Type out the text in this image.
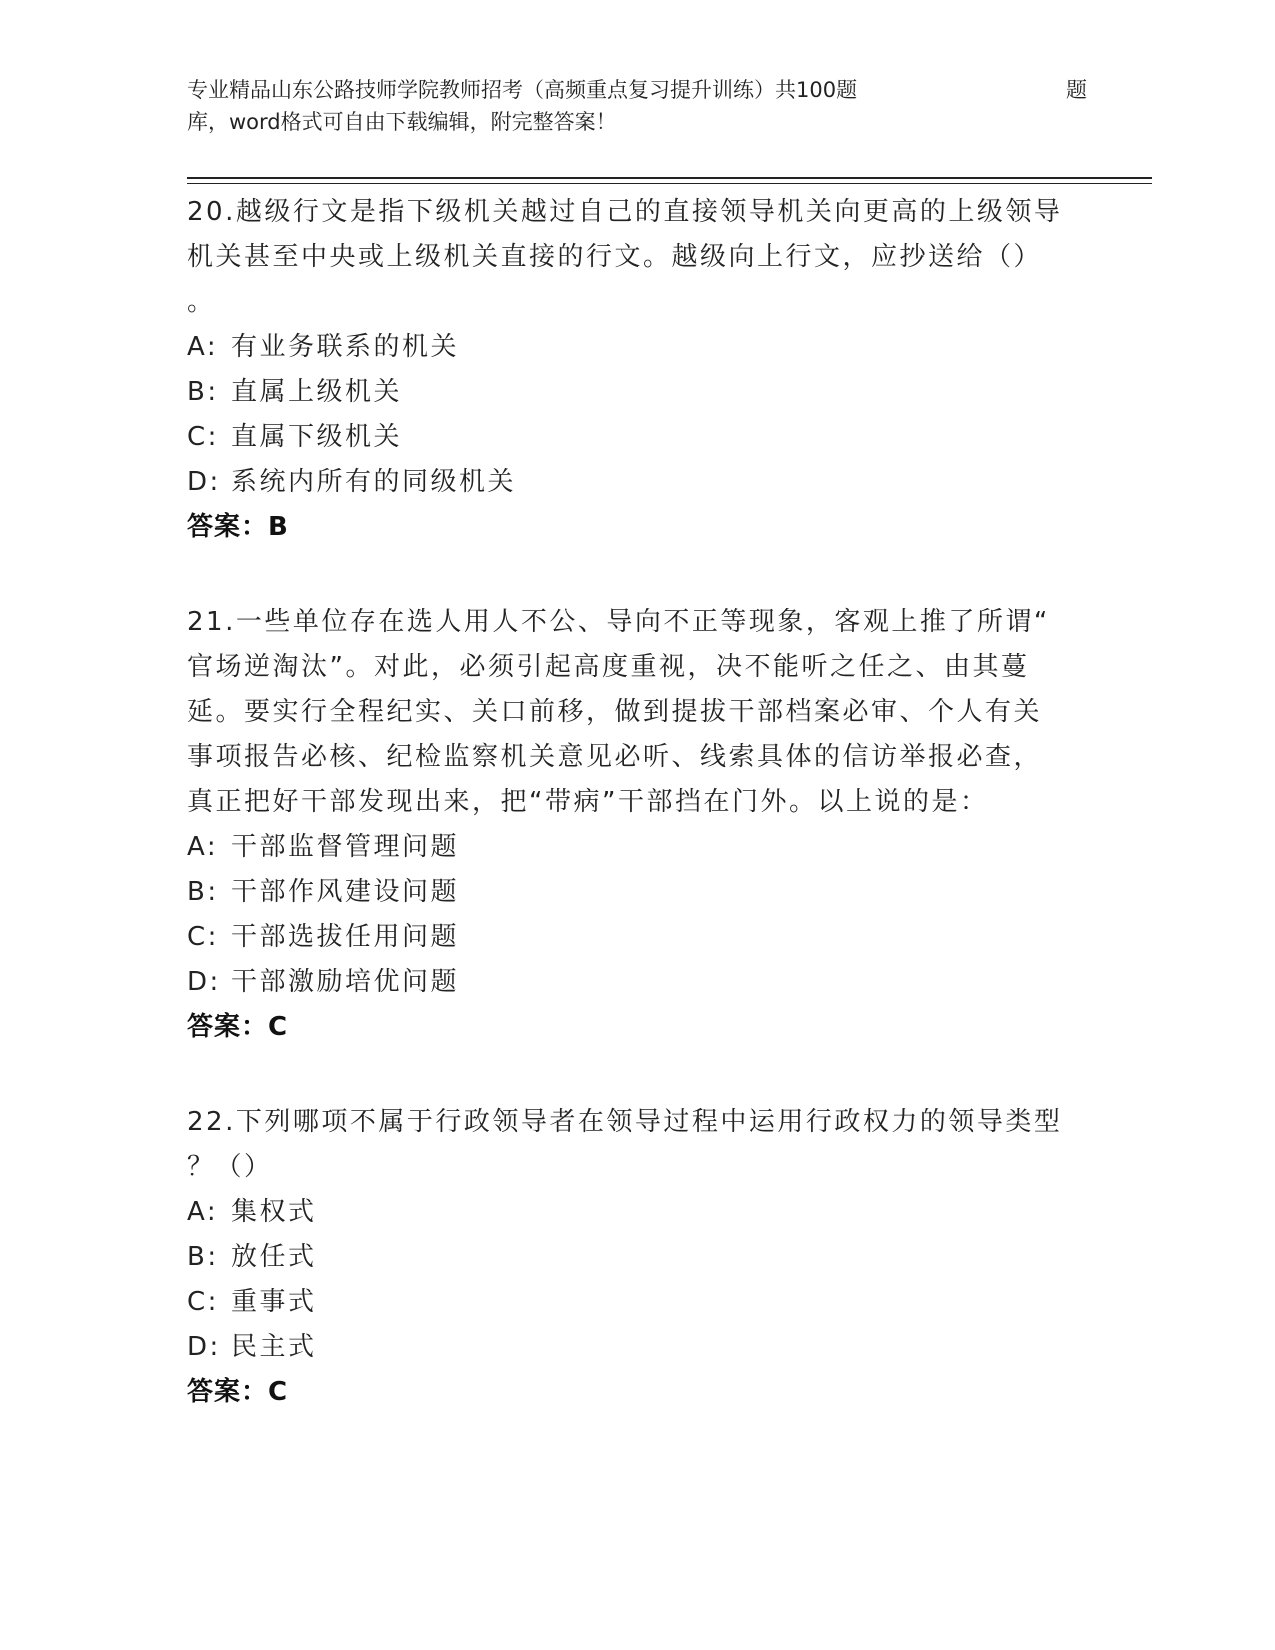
专业精品山东公路技师学院教师招考（高频重点复习提升训练）共100题	题
库，word格式可自由下载编辑，附完整答案！

20.越级行文是指下级机关越过自己的直接领导机关向更高的上级领导

机关甚至中央或上级机关直接的行文。越级向上行文，应抄送给（）

。

A: 有业务联系的机关

B: 直属上级机关

C: 直属下级机关

D: 系统内所有的同级机关

答案：B

21.一些单位存在选人用人不公、导向不正等现象，客观上推了所谓“

官场逆淘汰”。对此，必须引起高度重视，决不能听之任之、由其蔓

延。要实行全程纪实、关口前移，做到提拔干部档案必审、个人有关

事项报告必核、纪检监察机关意见必听、线索具体的信访举报必查，

真正把好干部发现出来，把“带病”干部挡在门外。以上说的是：

A: 干部监督管理问题

B: 干部作风建设问题

C: 干部选拔任用问题

D: 干部激励培优问题

答案：C

22.下列哪项不属于行政领导者在领导过程中运用行政权力的领导类型

？（）

A: 集权式

B: 放任式

C: 重事式

D: 民主式

答案：C
